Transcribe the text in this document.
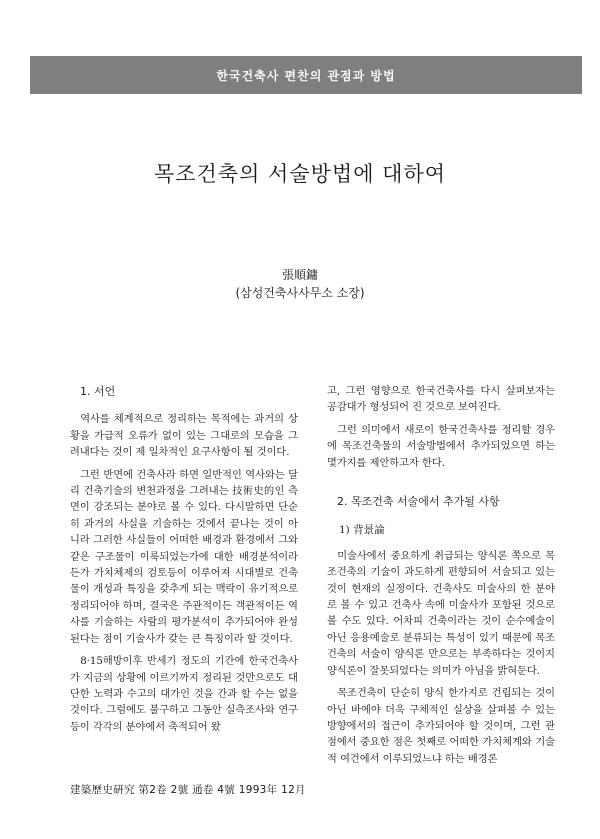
한국건축사 편찬의 관점과 방법
목조건축의 서술방법에 대하여
張順鏞
(삼성건축사사무소 소장)
1. 서언

역사를 체계적으로 정리하는 목적에는 과거의 상황을 가급적 오류가 없이 있는 그대로의 모습을 그려내다는 것이 제 일차적인 요구사항이 될 것이다.

그런 반면에 건축사라 하면 일반적인 역사와는 달리 건축기술의 변천과정을 그려내는 技術史的인 측면이 강조되는 분야로 볼 수 있다. 다시말하면 단순히 과거의 사실을 기술하는 것에서 끝나는 것이 아니라 그러한 사실들이 어떠한 배경과 환경에서 그와같은 구조물이 이룩되었는가에 대한 배경분석이라든가 가치체제의 검토등이 이루어져 시대별로 건축물이 개성과 특징을 갖추게 되는 맥락이 유기적으로 정리되어야 하며, 결국은 주관적이든 객관적이든 역사를 기술하는 사람의 평가분석이 추가되어야 완성된다는 점이 기술사가 갖는 큰 특징이라 할 것이다.

8·15해방이후 반세기 정도의 기간에 한국건축사가 지금의 상황에 이르기까지 정리된 것만으로도 대단한 노력과 수고의 대가인 것을 간과 할 수는 없을 것이다. 그럼에도 불구하고 그동안 실측조사와 연구등이 각각의 분야에서 축적되어 왔

고, 그런 영향으로 한국건축사를 다시 살펴보자는 공감대가 형성되어 진 것으로 보여진다.

그런 의미에서 새로이 한국건축사를 정리할 경우에 목조건축물의 서술방법에서 추가되었으면 하는 몇가지를 제안하고자 한다.

2. 목조건축 서술에서 추가될 사항
1) 背景論

미술사에서 중요하게 취급되는 양식론 쪽으로 목조건축의 기술이 과도하게 편향되어 서술되고 있는 것이 현재의 실정이다. 건축사도 미술사의 한 분야로 볼 수 있고 건축사 속에 미술사가 포함된 것으로 볼 수도 있다. 어차피 건축이라는 것이 순수예술이 아닌 응용예술로 분류되는 특성이 있기 때문에 목조건축의 서술이 양식론 만으로는 부족하다는 것이지 양식론이 잘못되었다는 의미가 아님을 밝혀둔다.

목조건축이 단순히 양식 한가지로 건립되는 것이 아닌 바에야 더욱 구체적인 실상을 살펴볼 수 있는 방향에서의 접근이 추가되어야 할 것이며, 그런 관점에서 중요한 점은 첫째로 어떠한 가치체계와 기술적 여건에서 이루되었느냐 하는 배경론

建築歷史硏究 第2卷 2號 通卷 4號 1993年 12月
